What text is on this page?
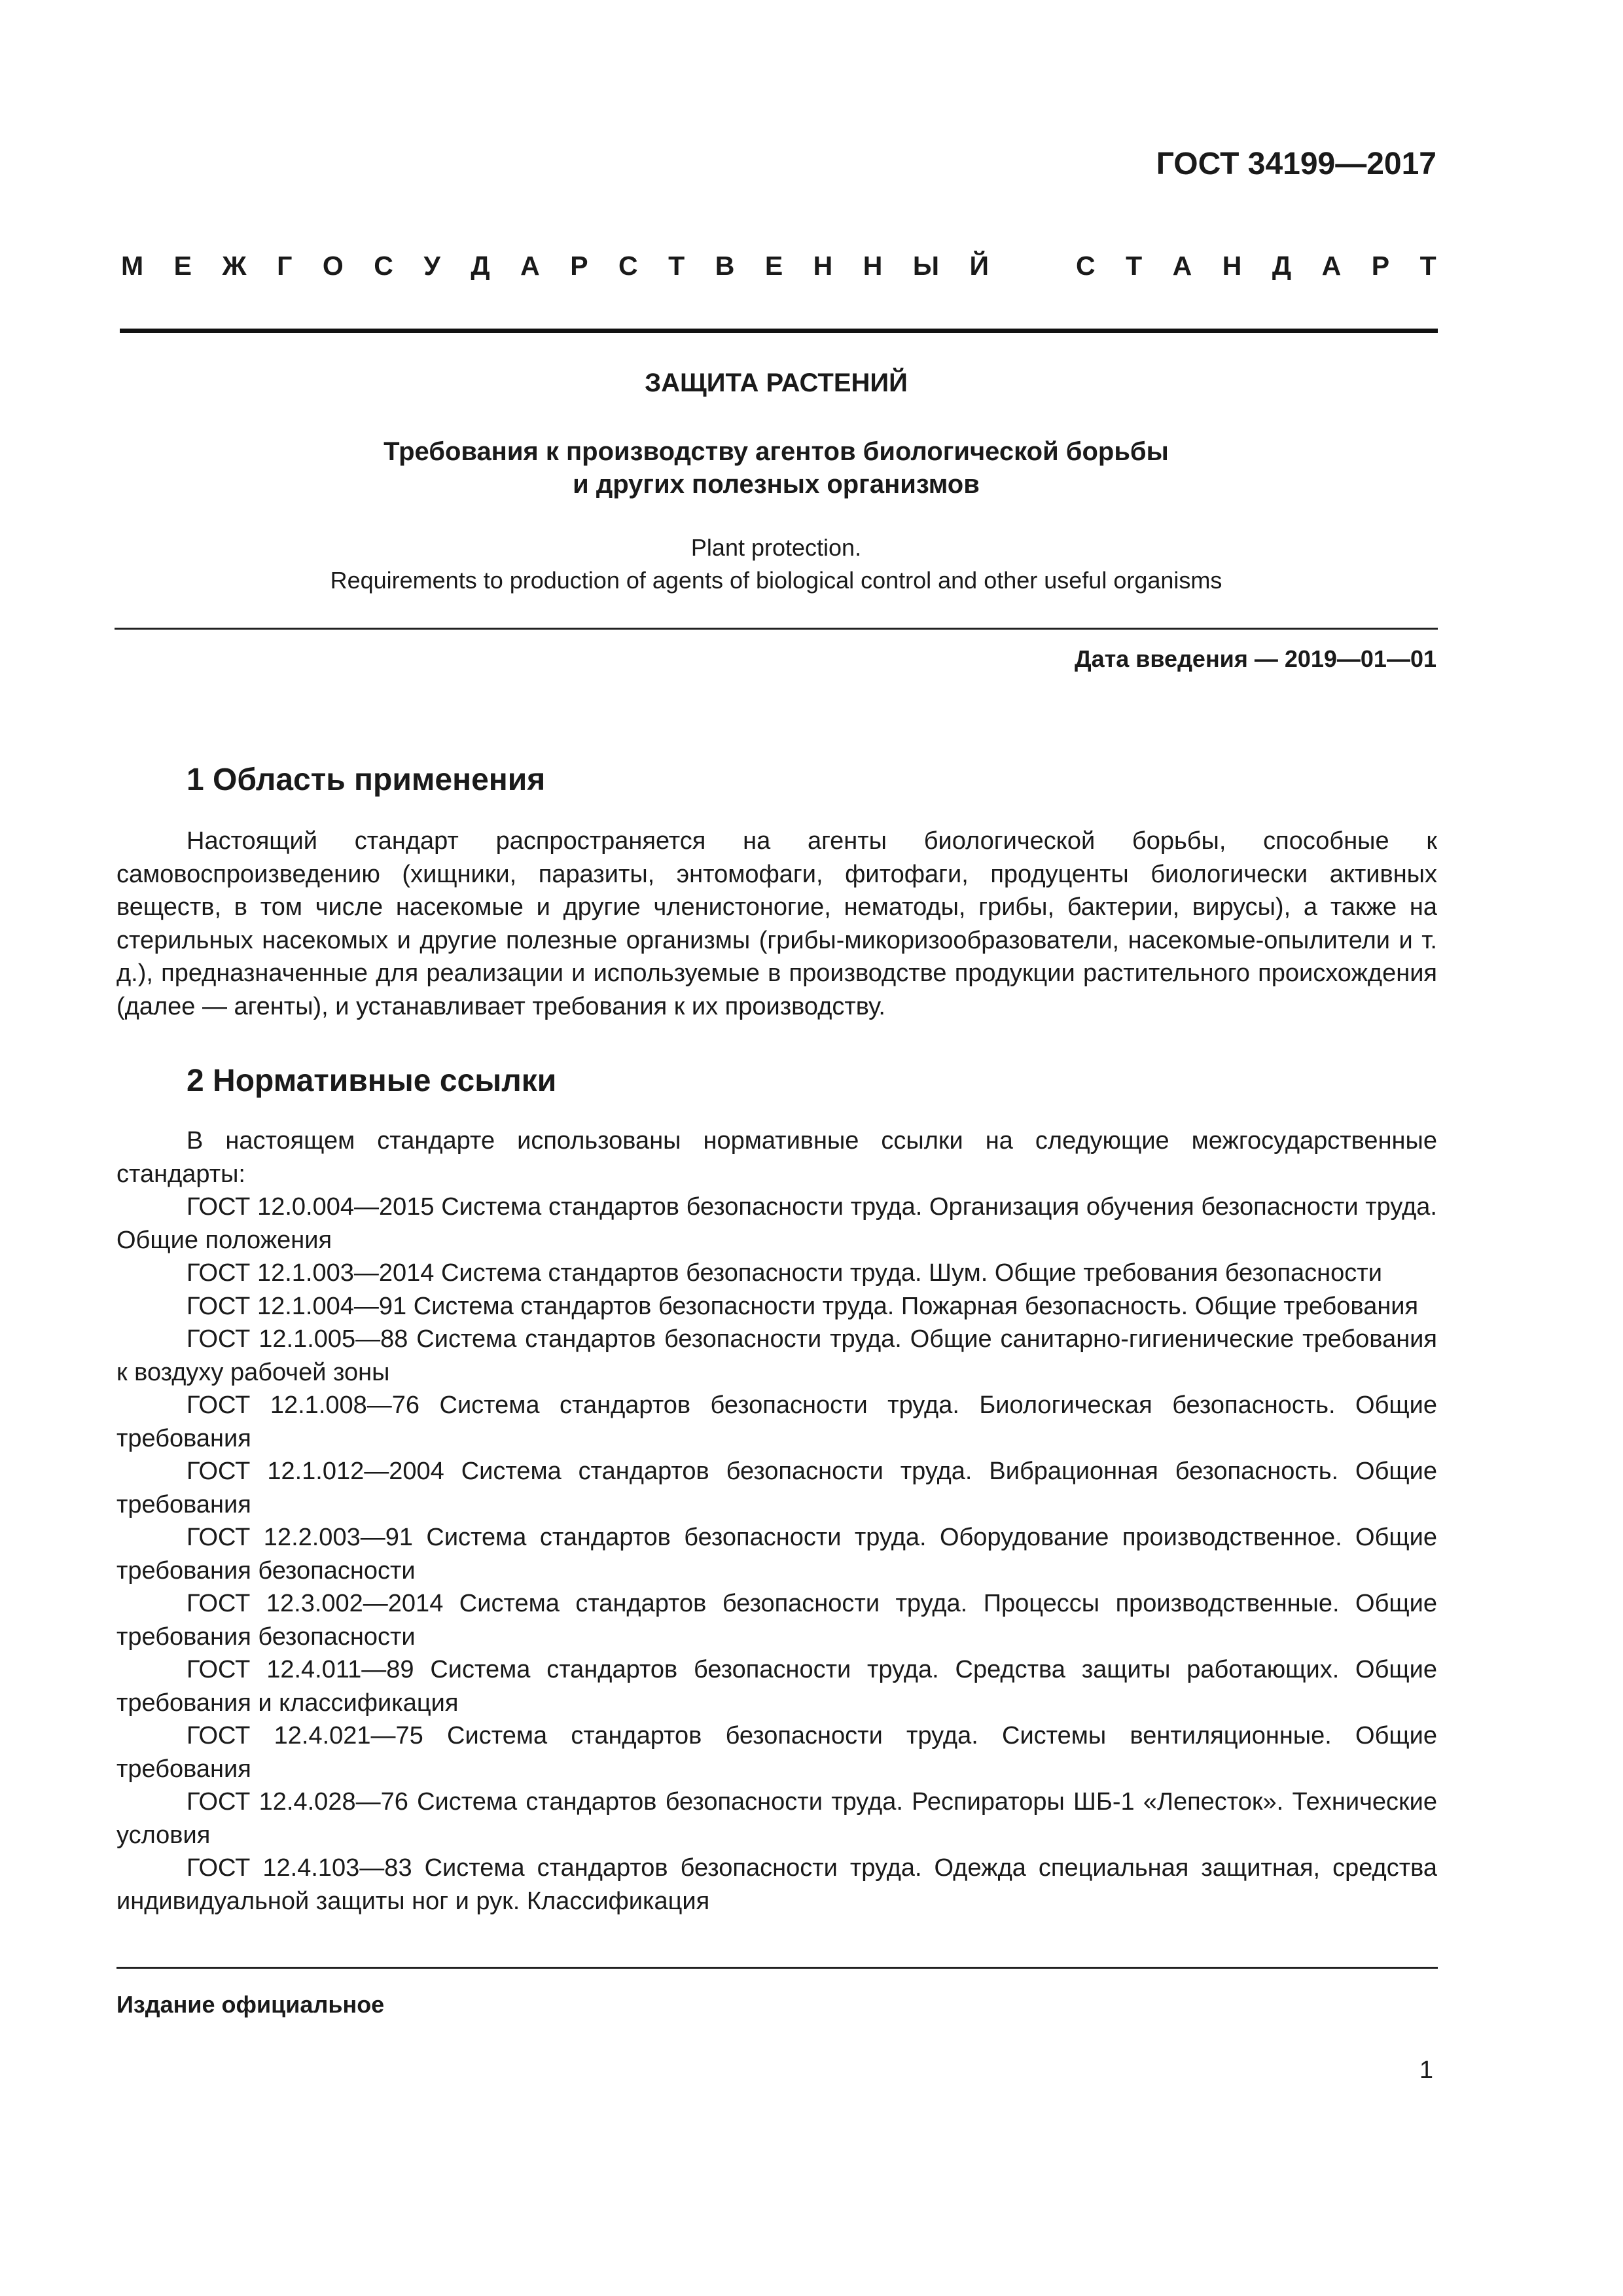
ГОСТ 34199—2017
М Е Ж Г О С У Д А Р С Т В Е Н Н Ы Й	С Т А Н Д А Р Т
ЗАЩИТА РАСТЕНИЙ
Требования к производству агентов биологической борьбы
и других полезных организмов
Plant protection.
Requirements to production of agents of biological control and other useful organisms
Дата введения — 2019—01—01
1 Область применения

Настоящий стандарт распространяется на агенты биологической борьбы, способные к самовоспроизведению (хищники, паразиты, энтомофаги, фитофаги, продуценты биологически активных веществ, в том числе насекомые и другие членистоногие, нематоды, грибы, бактерии, вирусы), а также на стерильных насекомых и другие полезные организмы (грибы-микоризообразователи, насекомые-опылители и т. д.), предназначенные для реализации и используемые в производстве продукции растительного происхождения (далее — агенты), и устанавливает требования к их производству.

2 Нормативные ссылки

В настоящем стандарте использованы нормативные ссылки на следующие межгосударственные стандарты:

ГОСТ 12.0.004—2015 Система стандартов безопасности труда. Организация обучения безопасности труда. Общие положения

ГОСТ 12.1.003—2014 Система стандартов безопасности труда. Шум. Общие требования безопасности

ГОСТ 12.1.004—91 Система стандартов безопасности труда. Пожарная безопасность. Общие требования

ГОСТ 12.1.005—88 Система стандартов безопасности труда. Общие санитарно-гигиенические требования к воздуху рабочей зоны

ГОСТ 12.1.008—76 Система стандартов безопасности труда. Биологическая безопасность. Общие требования

ГОСТ 12.1.012—2004 Система стандартов безопасности труда. Вибрационная безопасность. Общие требования

ГОСТ 12.2.003—91 Система стандартов безопасности труда. Оборудование производственное. Общие требования безопасности

ГОСТ 12.3.002—2014 Система стандартов безопасности труда. Процессы производственные. Общие требования безопасности

ГОСТ 12.4.011—89 Система стандартов безопасности труда. Средства защиты работающих. Общие требования и классификация

ГОСТ 12.4.021—75 Система стандартов безопасности труда. Системы вентиляционные. Общие требования

ГОСТ 12.4.028—76 Система стандартов безопасности труда. Респираторы ШБ-1 «Лепесток». Технические условия

ГОСТ 12.4.103—83 Система стандартов безопасности труда. Одежда специальная защитная, средства индивидуальной защиты ног и рук. Классификация

Издание официальное
1
